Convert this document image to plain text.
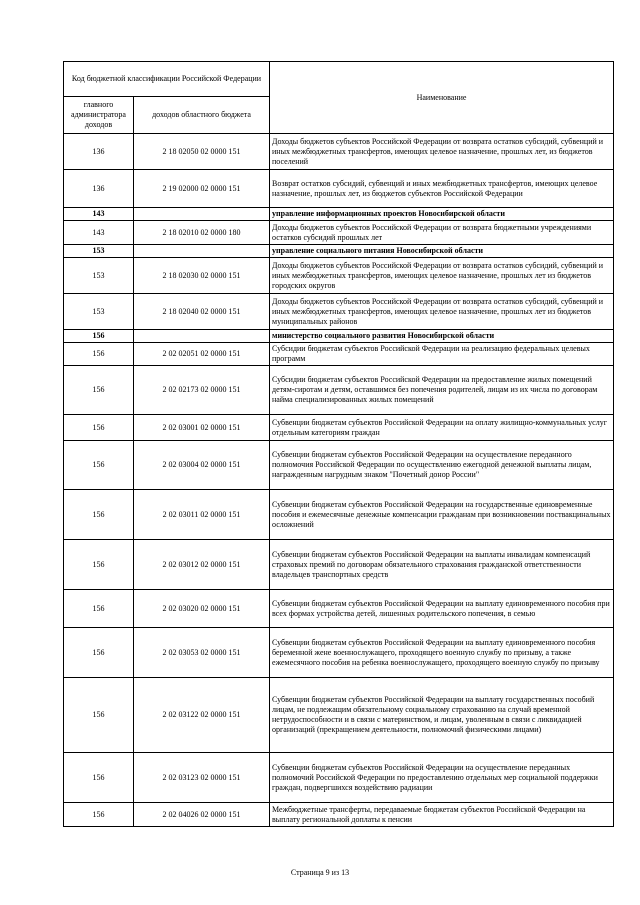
Код бюджетной классификации Российской Федерации		Наименование
главного администратора доходов	доходов областного бюджета	
136	2 18 02050 02 0000 151	Доходы бюджетов субъектов Российской Федерации от возврата остатков субсидий, субвенций и иных межбюджетных трансфертов, имеющих целевое назначение, прошлых лет, из бюджетов поселений
136	2 19 02000 02 0000 151	Возврат остатков субсидий, субвенций и иных межбюджетных трансфертов, имеющих целевое назначение, прошлых лет, из бюджетов субъектов Российской Федерации
143		управление информационных проектов Новосибирской области
143	2 18 02010 02 0000 180	Доходы бюджетов субъектов Российской Федерации от возврата бюджетными учреждениями остатков субсидий прошлых лет
153		управление социального питания Новосибирской области
153	2 18 02030 02 0000 151	Доходы бюджетов субъектов Российской Федерации от возврата остатков субсидий, субвенций и иных межбюджетных трансфертов, имеющих целевое назначение, прошлых лет из бюджетов городских округов
153	2 18 02040 02 0000 151	Доходы бюджетов субъектов Российской Федерации от возврата остатков субсидий, субвенций и иных межбюджетных трансфертов, имеющих целевое назначение, прошлых лет из бюджетов муниципальных районов
156		министерство социального развития Новосибирской области
156	2 02 02051 02 0000 151	Субсидии бюджетам субъектов Российской Федерации на реализацию федеральных целевых программ
156	2 02 02173 02 0000 151	Субсидии бюджетам субъектов Российской Федерации на предоставление жилых помещений детям-сиротам и детям, оставшимся без попечения родителей, лицам из их числа по договорам найма специализированных жилых помещений
156	2 02 03001 02 0000 151	Субвенции бюджетам субъектов Российской Федерации на оплату жилищно-коммунальных услуг отдельным категориям граждан
156	2 02 03004 02 0000 151	Субвенции бюджетам субъектов Российской Федерации на осуществление переданного полномочия Российской Федерации по осуществлению ежегодной денежной выплаты лицам, награжденным нагрудным знаком "Почетный донор России"
156	2 02 03011 02 0000 151	Субвенции бюджетам субъектов Российской Федерации на государственные единовременные пособия и ежемесячные денежные компенсации гражданам при возникновении поствакцинальных осложнений
156	2 02 03012 02 0000 151	Субвенции бюджетам субъектов Российской Федерации на выплаты инвалидам компенсаций страховых премий по договорам обязательного страхования гражданской ответственности владельцев транспортных средств
156	2 02 03020 02 0000 151	Субвенции бюджетам субъектов Российской Федерации на выплату единовременного пособия при всех формах устройства детей, лишенных родительского попечения, в семью
156	2 02 03053 02 0000 151	Субвенции бюджетам субъектов Российской Федерации на выплату единовременного пособия беременной жене военнослужащего, проходящего военную службу по призыву, а также ежемесячного пособия на ребенка военнослужащего, проходящего военную службу по призыву
156	2 02 03122 02 0000 151	Субвенции бюджетам субъектов Российской Федерации на выплату государственных пособий лицам, не подлежащим обязательному социальному страхованию на случай временной нетрудоспособности и в связи с материнством, и лицам, уволенным в связи с ликвидацией организаций (прекращением деятельности, полномочий физическими лицами)
156	2 02 03123 02 0000 151	Субвенции бюджетам субъектов Российской Федерации на осуществление переданных полномочий Российской Федерации по предоставлению отдельных мер социальной поддержки граждан, подвергшихся воздействию радиации
156	2 02 04026 02 0000 151	Межбюджетные трансферты, передаваемые бюджетам субъектов Российской Федерации на выплату региональной доплаты к пенсии
Страница 9 из 13
